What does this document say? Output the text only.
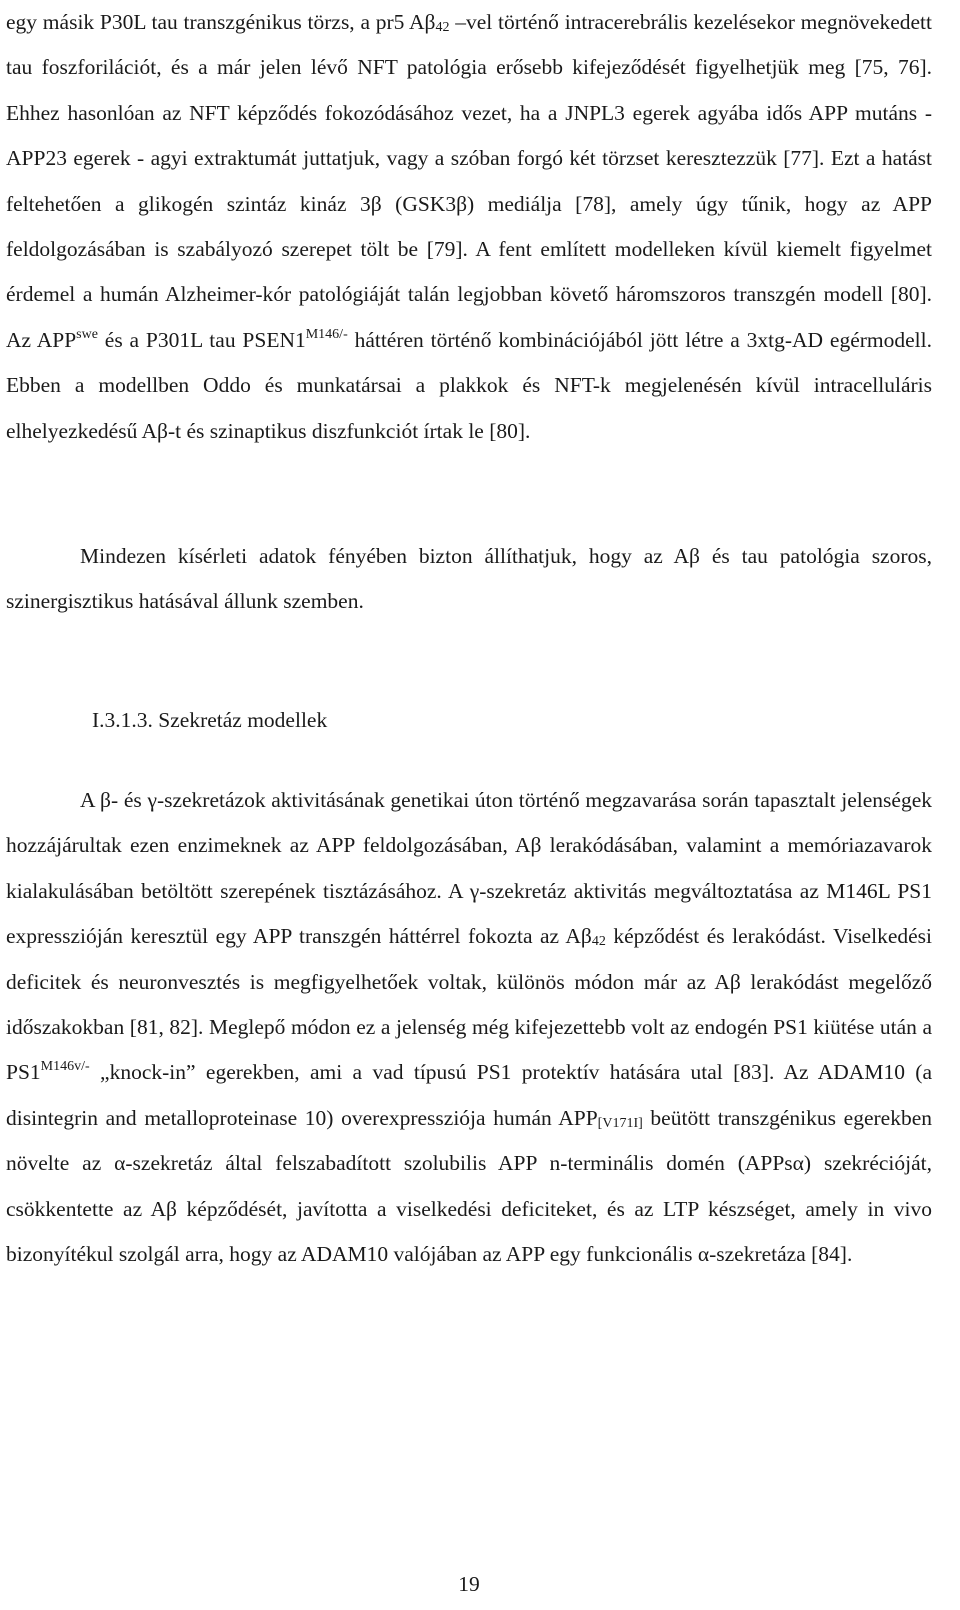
egy másik P30L tau transzgénikus törzs, a pr5 $A\beta_{42}$ –vel történő intracerebrális kezelésekor megnövekedett tau foszforilációt, és a már jelen lévő NFT patológia erősebb kifejeződését figyelhetjük meg [75, 76]. Ehhez hasonlóan az NFT képződés fokozódásához vezet, ha a JNPL3 egerek agyába idős APP mutáns - APP23 egerek - agyi extraktumát juttatjuk, vagy a szóban forgó két törzset keresztezzük [77]. Ezt a hatást feltehetően a glikogén szintáz kináz 3β (GSK3β) mediálja [78], amely úgy tűnik, hogy az APP feldolgozásában is szabályozó szerepet tölt be [79]. A fent említett modelleken kívül kiemelt figyelmet érdemel a humán Alzheimer-kór patológiáját talán legjobban követő háromszoros transzgén modell [80]. Az $APP^{swe}$ és a P301L tau $PSEN1^{M146/-}$ háttéren történő kombinációjából jött létre a 3xtg-AD egérmodell. Ebben a modellben Oddo és munkatársai a plakkok és NFT-k megjelenésén kívül intracelluláris elhelyezkedésű Aβ-t és szinaptikus diszfunkciót írtak le [80].

Mindezen kísérleti adatok fényében bizton állíthatjuk, hogy az Aβ és tau patológia szoros, szinergisztikus hatásával állunk szemben.

I.3.1.3. Szekretáz modellek

A β- és γ-szekretázok aktivitásának genetikai úton történő megzavarása során tapasztalt jelenségek hozzájárultak ezen enzimeknek az APP feldolgozásában, Aβ lerakódásában, valamint a memóriazavarok kialakulásában betöltött szerepének tisztázásához. A γ-szekretáz aktivitás megváltoztatása az M146L PS1 expresszióján keresztül egy APP transzgén háttérrel fokozta az $A\beta_{42}$ képződést és lerakódást. Viselkedési deficitek és neuronvesztés is megfigyelhetőek voltak, különös módon már az Aβ lerakódást megelőző időszakokban [81, 82]. Meglepő módon ez a jelenség még kifejezettebb volt az endogén PS1 kiütése után a $PS1^{M146v/-}$ „knock-in” egerekben, ami a vad típusú PS1 protektív hatására utal [83]. Az ADAM10 (a disintegrin and metalloproteinase 10) overexpressziója humán $APP_{[V171I]}$ beütött transzgénikus egerekben növelte az α-szekretáz által felszabadított szolubilis APP n-terminális domén (APPsα) szekrécióját, csökkentette az Aβ képződését, javította a viselkedési deficiteket, és az LTP készséget, amely in vivo bizonyítékul szolgál arra, hogy az ADAM10 valójában az APP egy funkcionális α-szekretáza [84].

19
